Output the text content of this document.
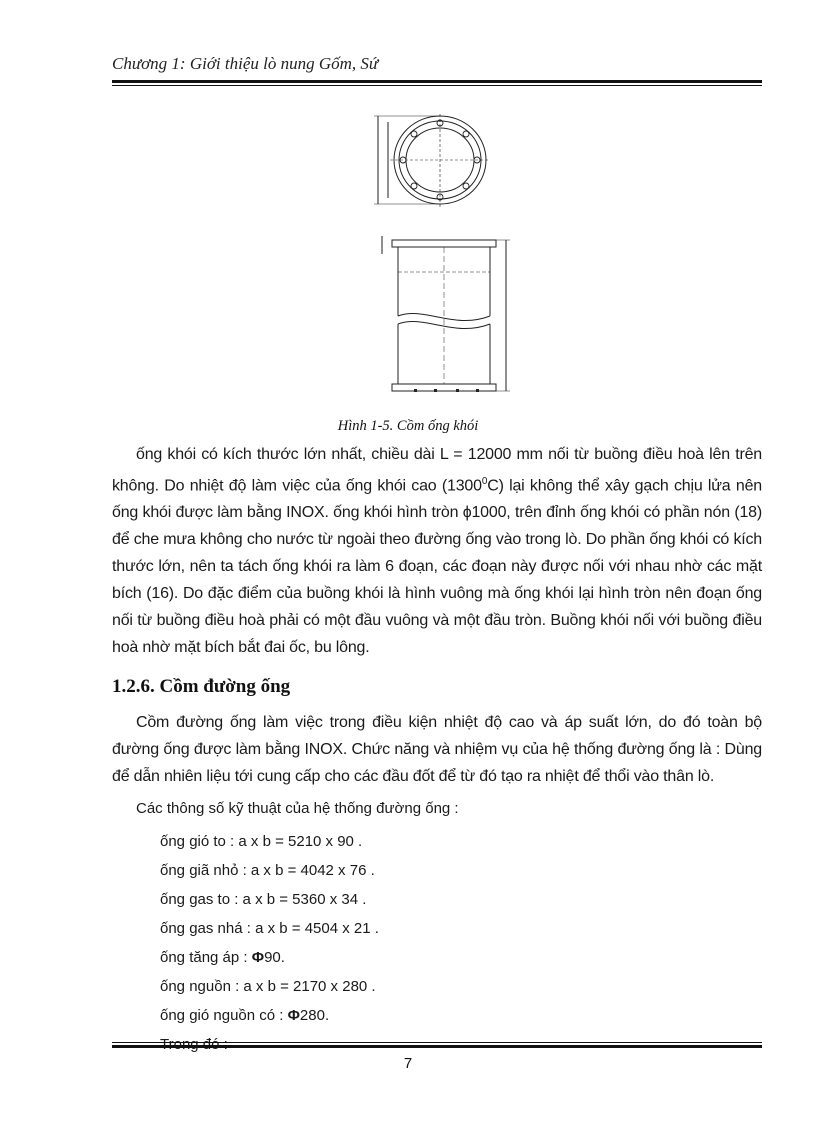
Chương 1: Giới thiệu lò nung Gốm, Sứ
Hình 1-5. Cồm ống khói
ống khói có kích thước lớn nhất, chiều dài L = 12000 mm nối từ buồng điều hoà lên trên không. Do nhiệt độ làm việc của ống khói cao (1300$^0$C) lại không thể xây gạch chịu lửa nên ống khói được làm bằng INOX. ống khói hình tròn ϕ1000, trên đỉnh ống khói có phần nón (18) để che mưa không cho nước từ ngoài theo đường ống vào trong lò. Do phần ống khói có kích thước lớn, nên ta tách ống khói ra làm 6 đoạn, các đoạn này được nối với nhau nhờ các mặt bích (16). Do đặc điểm của buồng khói là hình vuông mà ống khói lại hình tròn nên đoạn ống nối từ buồng điều hoà phải có một đầu vuông và một đầu tròn. Buồng khói nối với buồng điều hoà nhờ mặt bích bắt đai ốc, bu lông.
1.2.6. Cồm đường ống
Cồm đường ống làm việc trong điều kiện nhiệt độ cao và áp suất lớn, do đó toàn bộ đường ống được làm bằng INOX. Chức năng và nhiệm vụ của hệ thống đường ống là : Dùng để dẫn nhiên liệu tới cung cấp cho các đầu đốt để từ đó tạo ra nhiệt để thổi vào thân lò.
Các thông số kỹ thuật của hệ thống đường ống :
ống gió to : a x b = 5210 x 90 .
ống giã nhỏ : a x b = 4042 x 76 .
ống gas to : a x b = 5360 x 34 .
ống gas nhá : a x b = 4504 x 21 .
ống tăng áp : Φ90.
ống nguồn : a x b = 2170 x 280 .
ống gió nguồn có : Φ280.
7
